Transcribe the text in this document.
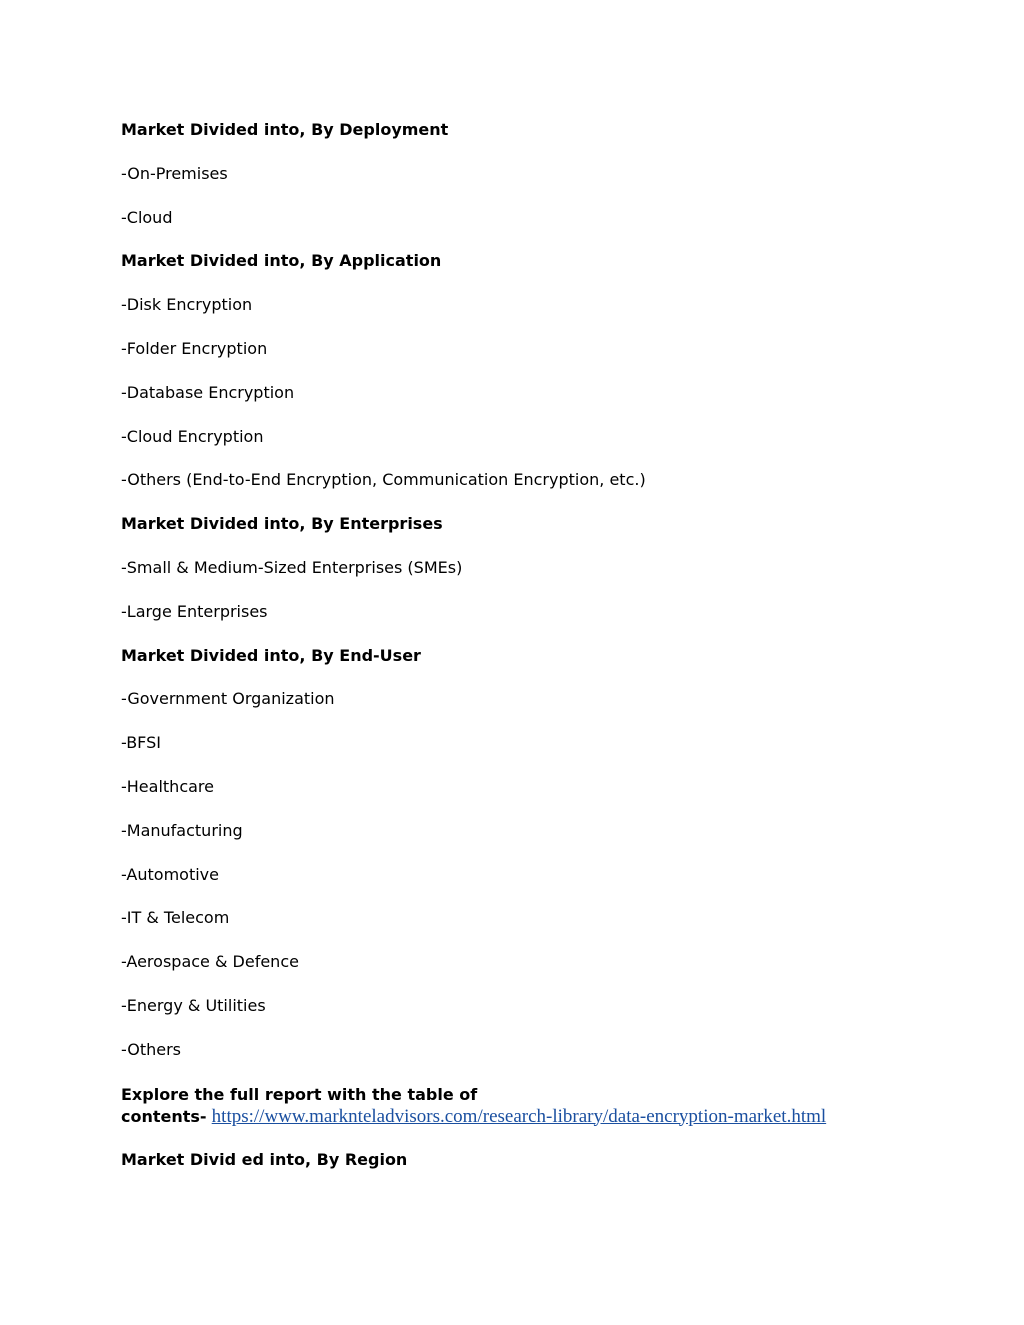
Market Divided into, By Deployment
-On-Premises
-Cloud
Market Divided into, By Application
-Disk Encryption
-Folder Encryption
-Database Encryption
-Cloud Encryption
-Others (End-to-End Encryption, Communication Encryption, etc.)
Market Divided into, By Enterprises
-Small & Medium-Sized Enterprises (SMEs)
-Large Enterprises
Market Divided into, By End-User
-Government Organization
-BFSI
-Healthcare
-Manufacturing
-Automotive
-IT & Telecom
-Aerospace & Defence
-Energy & Utilities
-Others
Explore the full report with the table of
contents- https://www.marknteladvisors.com/research-library/data-encryption-market.html
Market Divid ed into, By Region
